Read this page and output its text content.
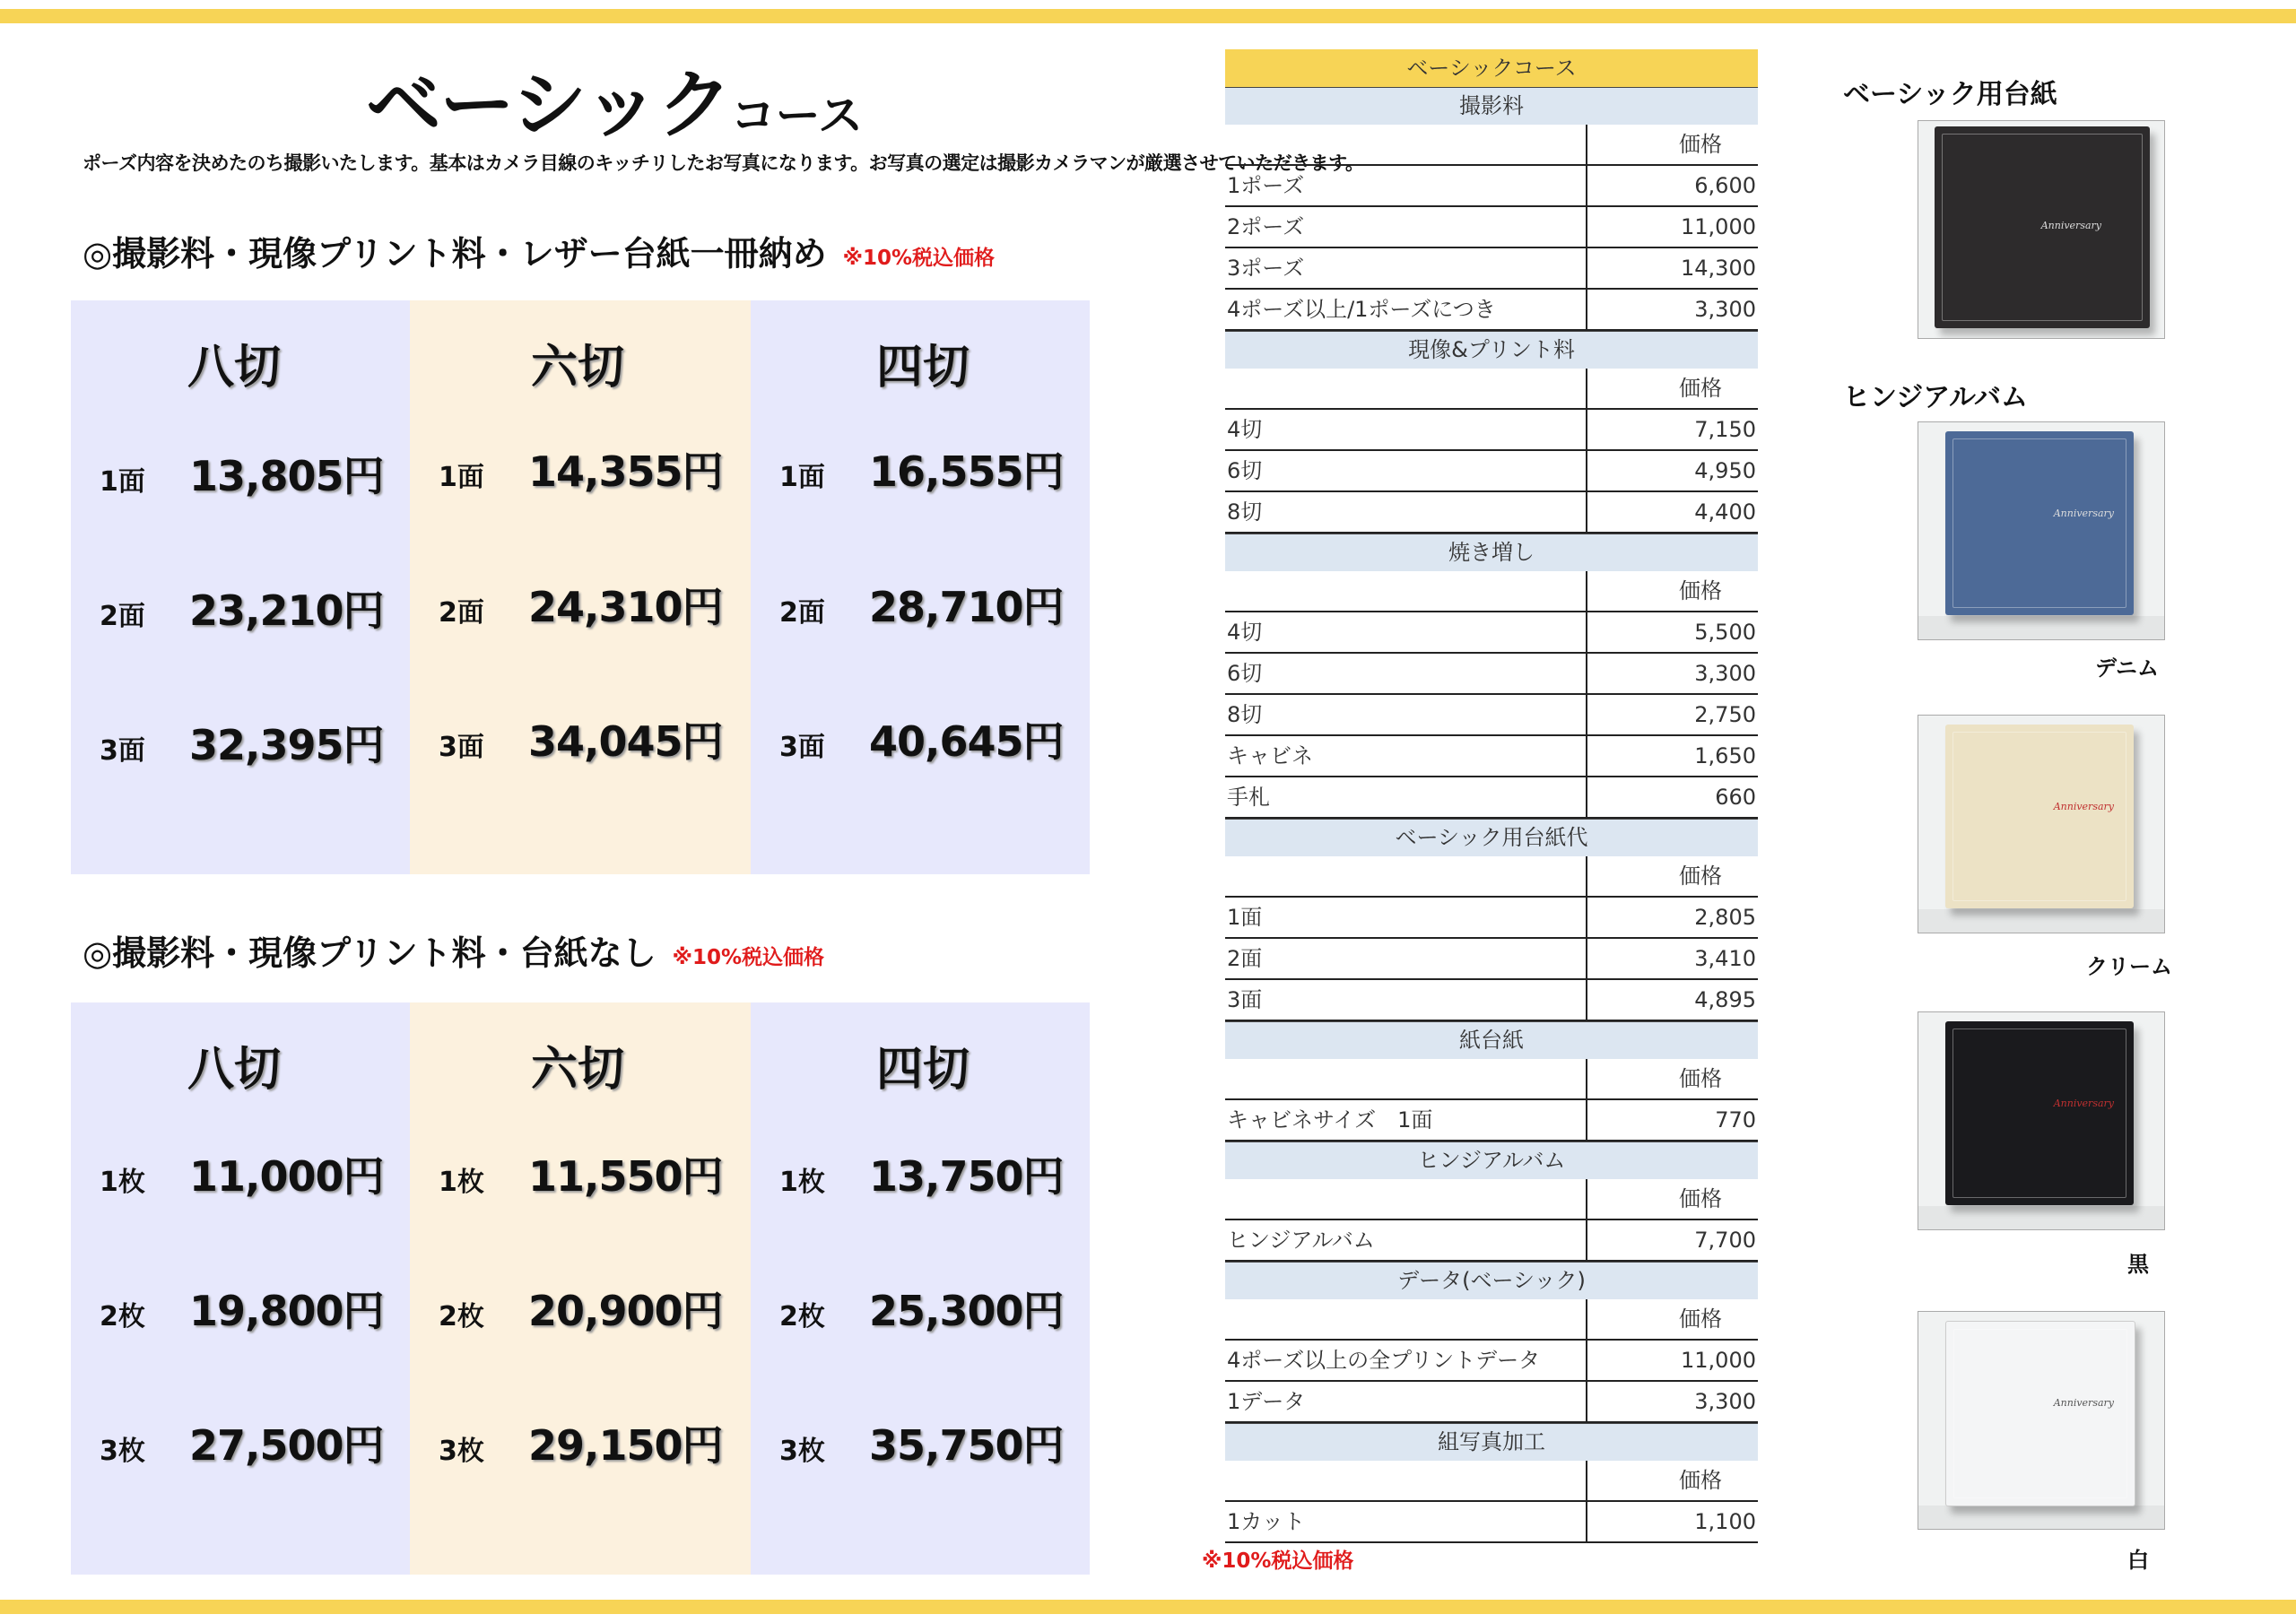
ベーシックコース
ポーズ内容を決めたのち撮影いたします。基本はカメラ目線のキッチリしたお写真になります。お写真の選定は撮影カメラマンが厳選させていただきます。
◎撮影料・現像プリント料・レザー台紙一冊納め ※10%税込価格
八切
1面 13,805円
2面 23,210円
3面 32,395円
六切
1面 14,355円
2面 24,310円
3面 34,045円
四切
1面 16,555円
2面 28,710円
3面 40,645円
◎撮影料・現像プリント料・台紙なし ※10%税込価格
八切
1枚 11,000円
2枚 19,800円
3枚 27,500円
六切
1枚 11,550円
2枚 20,900円
3枚 29,150円
四切
1枚 13,750円
2枚 25,300円
3枚 35,750円
ベーシックコース
撮影料
価格
1ポーズ	6,600
2ポーズ	11,000
3ポーズ	14,300
4ポーズ以上/1ポーズにつき	3,300
現像&プリント料
価格
4切	7,150
6切	4,950
8切	4,400
焼き増し
価格
4切	5,500
6切	3,300
8切	2,750
キャビネ	1,650
手札	660
ベーシック用台紙代
価格
1面	2,805
2面	3,410
3面	4,895
紙台紙
価格
キャビネサイズ　1面	770
ヒンジアルバム
価格
ヒンジアルバム	7,700
データ(ベーシック)
価格
4ポーズ以上の全プリントデータ	11,000
1データ	3,300
組写真加工
価格
1カット	1,100
※10%税込価格
ベーシック用台紙
Anniversary
ヒンジアルバム
Anniversary
デニム
Anniversary
クリーム
Anniversary
黒
Anniversary
白
